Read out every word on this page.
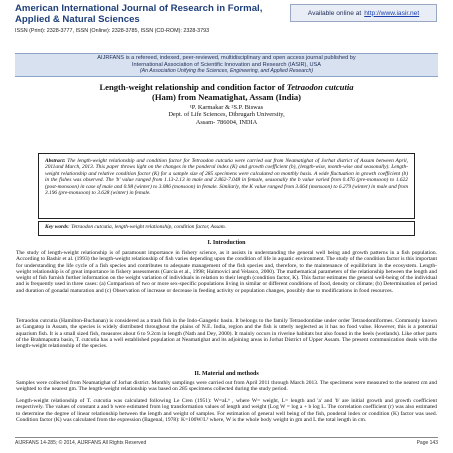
American International Journal of Research in Formal, Applied & Natural Sciences

ISSN (Print): 2328-3777, ISSN (Online): 2328-3785, ISSN (CD-ROM): 2328-3793
Available online at http://www.iasir.net

AIJRFANS is a refereed, indexed, peer-reviewed, multidisciplinary and open access journal published by

International Association of Scientific Innovation and Research (IASIR), USA

(An Association Unifying the Sciences, Engineering, and Applied Research)

Length-weight relationship and condition factor of Tetraodon cutcutia
(Ham) from Neamatighat, Assam (India)
¹P. Karmakar & ²S.P. Biswas
Dept. of Life Sciences, Dibrugarh University,
Assam- 786004, INDIA
Abstract: The length-weight relationship and condition factor for Tetraodon cutcutia were carried out from Neamatighat of Jorhat district of Assam between April, 2011and March, 2013. This paper throws light on the changes in the ponderal index (K) and growth coefficient (b), (length-wise, month-wise and seasonally). Length-weight relationship and relative condition factor (K) for a sample size of 285 specimens were calculated on monthly basis. A wide fluctuation in growth coefficient (b) in the fishes was observed. The 'b' value ranged from 1.13-2.13 in male and 2.862-7.048 in female, seasonally the b value varied from 0.476 (pre-monsoon) to 1.622 (post-monsoon) in case of male and 0.98 (winter) to 3.086 (monsoon) in female. Similarly, the K value ranged from 3.664 (monsoon) to 6.279 (winter) in male and from 3.196 (pre-monsoon) to 3.628 (winter) in female.
Key words: Tetraodon cutcutia, length-weight relationship, condition factor, Assam.
I. Introduction
The study of length-weight relationship is of paramount importance in fishery science, as it assists in understanding the general well being and growth patterns in a fish population. According to Bashir et al. (1993) the length-weight relationship of fish varies depending upon the condition of life in aquatic environment. The study of the condition factor is this important for understanding the life cycle of a fish species and contributes to adequate management of the fish species and, therefore, to the maintenance of equilibrium in the ecosystem. Length-weight relationship is of great importance in fishery assessments (Garcia et al., 1998; Haimovici and Velasco, 2000). The mathematical parameters of the relationship between the length and weight of fish furnish further information on the weight variation of individuals in relation to their length (condition factor, K). This factor estimates the general well-being of the individual and is frequently used in three cases: (a) Comparison of two or more sex-specific populations living in similar or different conditions of food, density or climate; (b) Determination of period and duration of gonadal maturation and (c) Observation of increase or decrease in feeding activity or population changes, possibly due to modifications in food resources.
Tetraodon cutcutia (Hamilton-Buchanan) is considered as a trash fish in the Indo-Gangetic basin. It belongs to the family Tetraodontidae under order Tetraodontiformes. Commonly known as Gangatop in Assam, the species is widely distributed throughout the plains of N.E. India, region and the fish is utterly neglected as it has no food value. However, this is a potential aquarium fish. It is a small sized fish, measures about 6 to 9.2cm in length (Nath and Dey, 2000). It mainly occurs in riverine habitats but also found in the beels (wetlands). Like other parts of the Brahmaputra basin, T. cutcutia has a well established population at Neamatighat and its adjoining areas in Jorhat District of Upper Assam. The present communication deals with the length-weight relationship of the species.
II. Material and methods
Samples were collected from Neamatighat of Jorhat district. Monthly samplings were carried out from April 2011 through March 2013. The specimens were measured to the nearest cm and weighted to the nearest gm. The length-weight relationship was based on 285 specimens collected during the study period.
Length-weight relationship of T. cutcutia was calculated following Le Cren (1951): W=aLᵇ , where W= weight, L= length and 'a' and 'b' are initial growth and growth coefficient respectively. The values of constant a and b were estimated from log transformation values of length and weight (Log W = log a + b log L. The correlation coefficient (r) was also estimated to determine the degree of linear relationship between the length and weight of samples. For estimation of general well being of the fish, ponderal index or condition (K) factor was used. Condition factor (K) was calculated from the expression (Bagenal, 1978): K=100W/L³ where, W is the whole body weight in gm and L the total length in cm.
AIJRFANS 14-285; © 2014, AIJRFANS All Rights Reserved	Page 143
